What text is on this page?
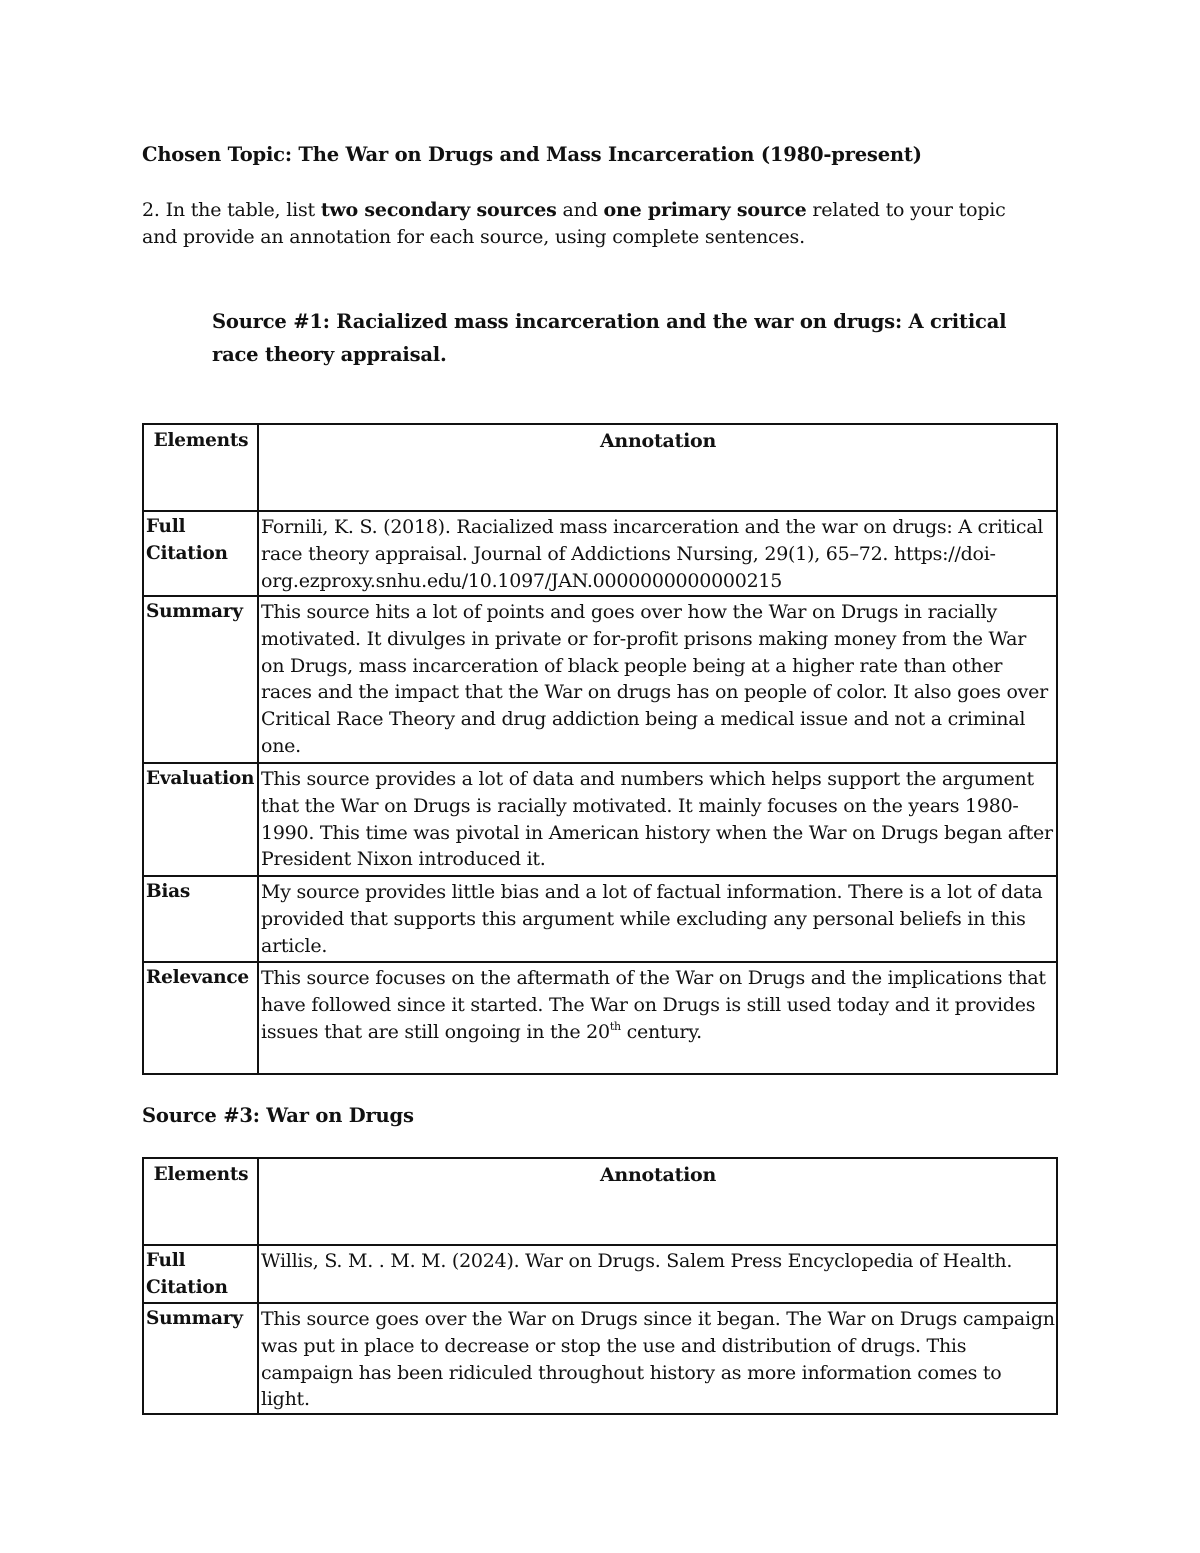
Chosen Topic: The War on Drugs and Mass Incarceration (1980-present)
2. In the table, list two secondary sources and one primary source related to your topic and provide an annotation for each source, using complete sentences.
Source #1: Racialized mass incarceration and the war on drugs: A critical race theory appraisal.
Elements	Annotation
Full Citation	Fornili, K. S. (2018). Racialized mass incarceration and the war on drugs: A critical race theory appraisal. Journal of Addictions Nursing, 29(1), 65–72. https://doi-org.ezproxy.snhu.edu/10.1097/JAN.0000000000000215
Summary	This source hits a lot of points and goes over how the War on Drugs in racially motivated. It divulges in private or for-profit prisons making money from the War on Drugs, mass incarceration of black people being at a higher rate than other races and the impact that the War on drugs has on people of color. It also goes over Critical Race Theory and drug addiction being a medical issue and not a criminal one.
Evaluation	This source provides a lot of data and numbers which helps support the argument that the War on Drugs is racially motivated. It mainly focuses on the years 1980-1990. This time was pivotal in American history when the War on Drugs began after President Nixon introduced it.
Bias	My source provides little bias and a lot of factual information. There is a lot of data provided that supports this argument while excluding any personal beliefs in this article.
Relevance	This source focuses on the aftermath of the War on Drugs and the implications that have followed since it started. The War on Drugs is still used today and it provides issues that are still ongoing in the 20th century.
Source #3: War on Drugs
Elements	Annotation
Full Citation	Willis, S. M. . M. M. (2024). War on Drugs. Salem Press Encyclopedia of Health.
Summary	This source goes over the War on Drugs since it began. The War on Drugs campaign was put in place to decrease or stop the use and distribution of drugs. This campaign has been ridiculed throughout history as more information comes to light.
